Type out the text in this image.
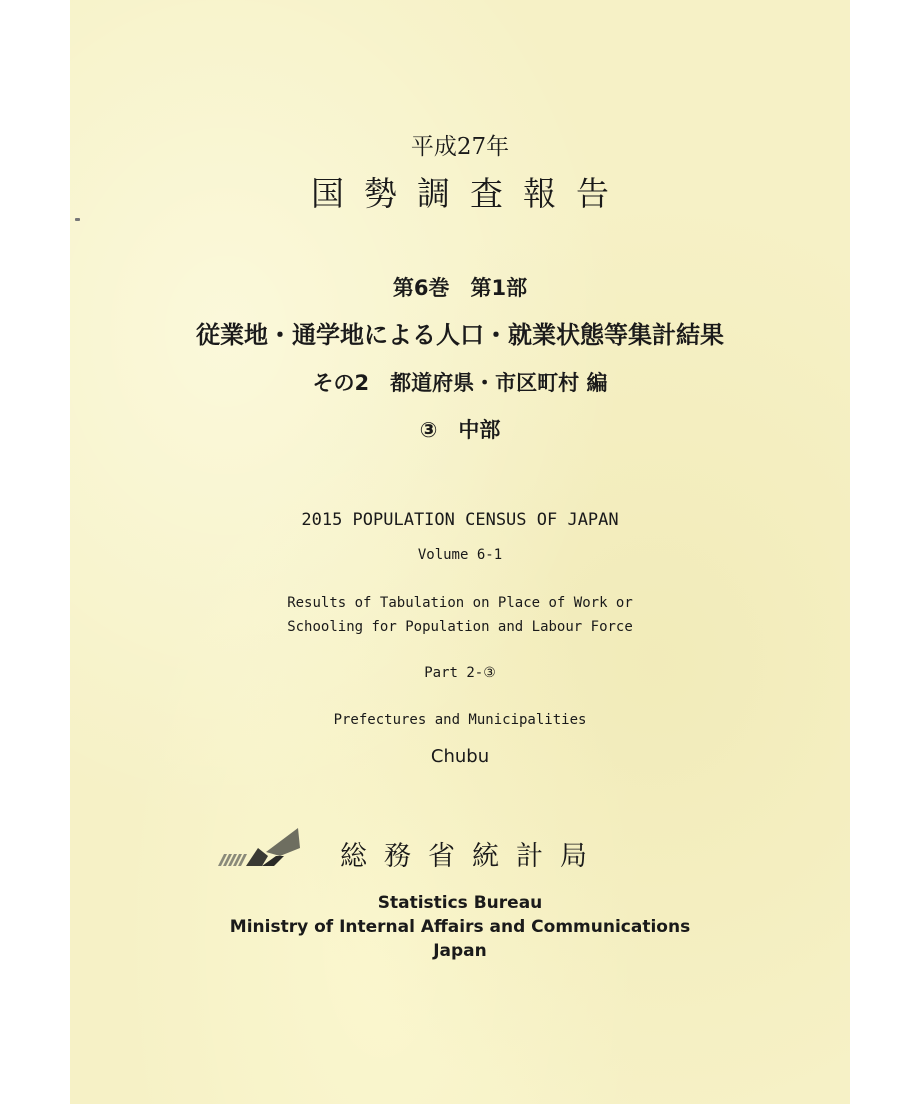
平成27年
国勢調査報告
第6巻　第1部
従業地・通学地による人口・就業状態等集計結果
その2　都道府県・市区町村 編
③　中部
2015 POPULATION CENSUS OF JAPAN
Volume 6-1
Results of Tabulation on Place of Work or
Schooling for Population and Labour Force
Part 2-③
Prefectures and Municipalities
Chubu
総務省統計局
Statistics Bureau
Ministry of Internal Affairs and Communications
Japan
